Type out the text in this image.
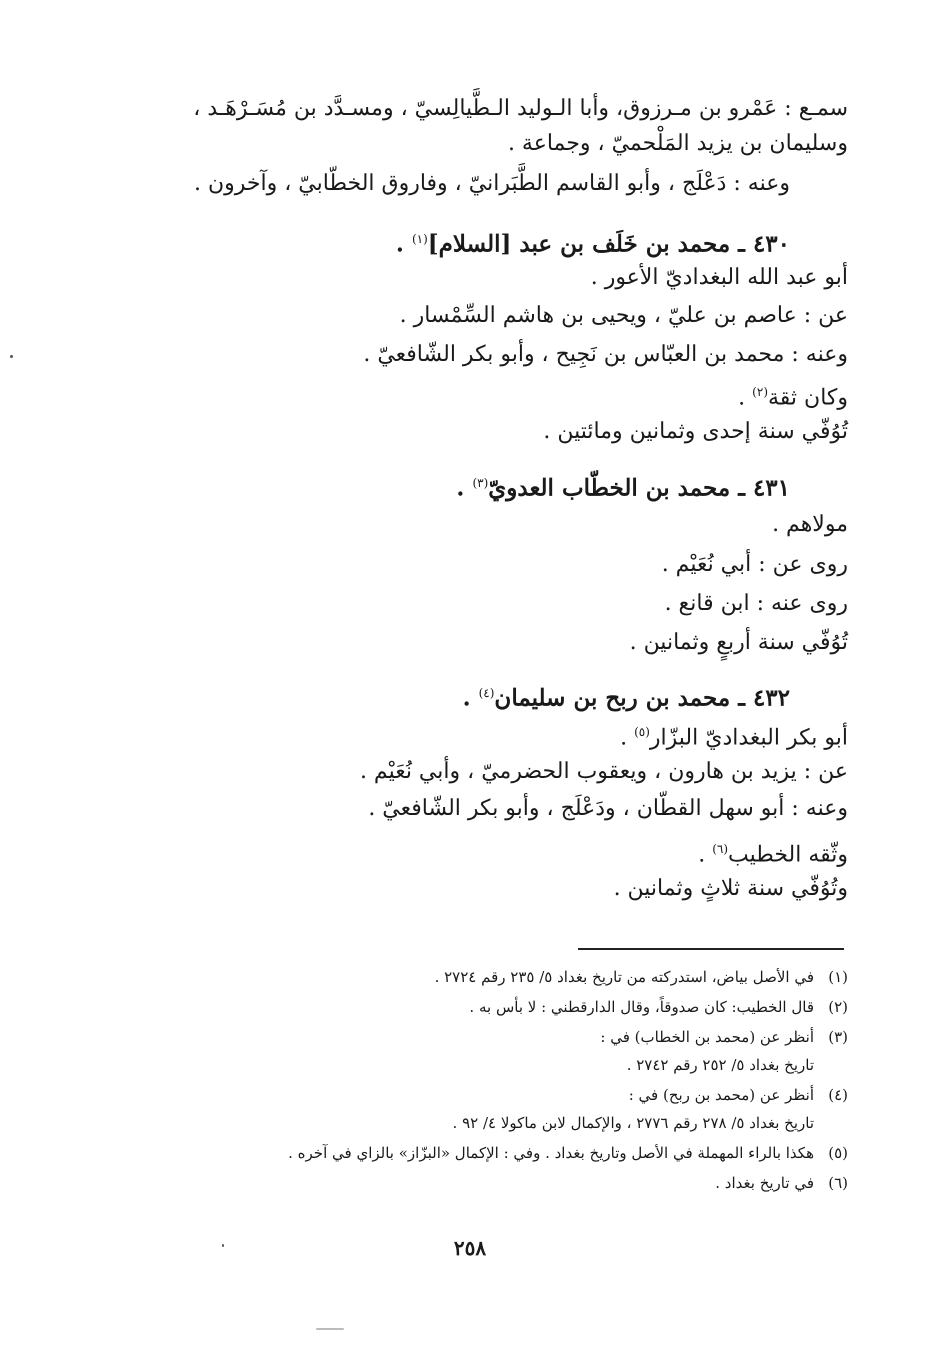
سمـع : عَمْرو بن مـرزوق، وأبا الـوليد الـطَّيالِسيّ ، ومسـدَّد بن مُسَـرْهَـد ،
وسليمان بن يزيد المَلْحميّ ، وجماعة .
وعنه : دَعْلَج ، وأبو القاسم الطَّبَرانيّ ، وفاروق الخطّابيّ ، وآخرون .
٤٣٠ ـ محمد بن خَلَف بن عبد [السلام]$^{(١)}$ .
أبو عبد الله البغداديّ الأعور .
عن : عاصم بن عليّ ، ويحيى بن هاشم السِّمْسار .
وعنه : محمد بن العبّاس بن نَجِيح ، وأبو بكر الشّافعيّ .
وكان ثقة$^{(٢)}$ .
تُوُفّي سنة إحدى وثمانين ومائتين .
٤٣١ ـ محمد بن الخطّاب العدويّ$^{(٣)}$ .
مولاهم .
روى عن : أبي نُعَيْم .
روى عنه : ابن قانع .
تُوُفّي سنة أربعٍ وثمانين .
٤٣٢ ـ محمد بن ربح بن سليمان$^{(٤)}$ .
أبو بكر البغداديّ البزّار$^{(٥)}$ .
عن : يزيد بن هارون ، ويعقوب الحضرميّ ، وأبي نُعَيْم .
وعنه : أبو سهل القطّان ، ودَعْلَج ، وأبو بكر الشّافعيّ .
وثّقه الخطيب$^{(٦)}$ .
وتُوُفّي سنة ثلاثٍ وثمانين .
(١)في الأصل بياض، استدركته من تاريخ بغداد ٥/ ٢٣٥ رقم ٢٧٢٤ .
(٢)قال الخطيب: كان صدوقاً، وقال الدارقطني : لا بأس به .
(٣)أنظر عن (محمد بن الخطاب) في :
تاريخ بغداد ٥/ ٢٥٢ رقم ٢٧٤٢ .
(٤)أنظر عن (محمد بن ربح) في :
تاريخ بغداد ٥/ ٢٧٨ رقم ٢٧٧٦ ، والإكمال لابن ماكولا ٤/ ٩٢ .
(٥)هكذا بالراء المهملة في الأصل وتاريخ بغداد . وفي : الإكمال «البزّاز» بالزاي في آخره .
(٦)في تاريخ بغداد .
٢٥٨
